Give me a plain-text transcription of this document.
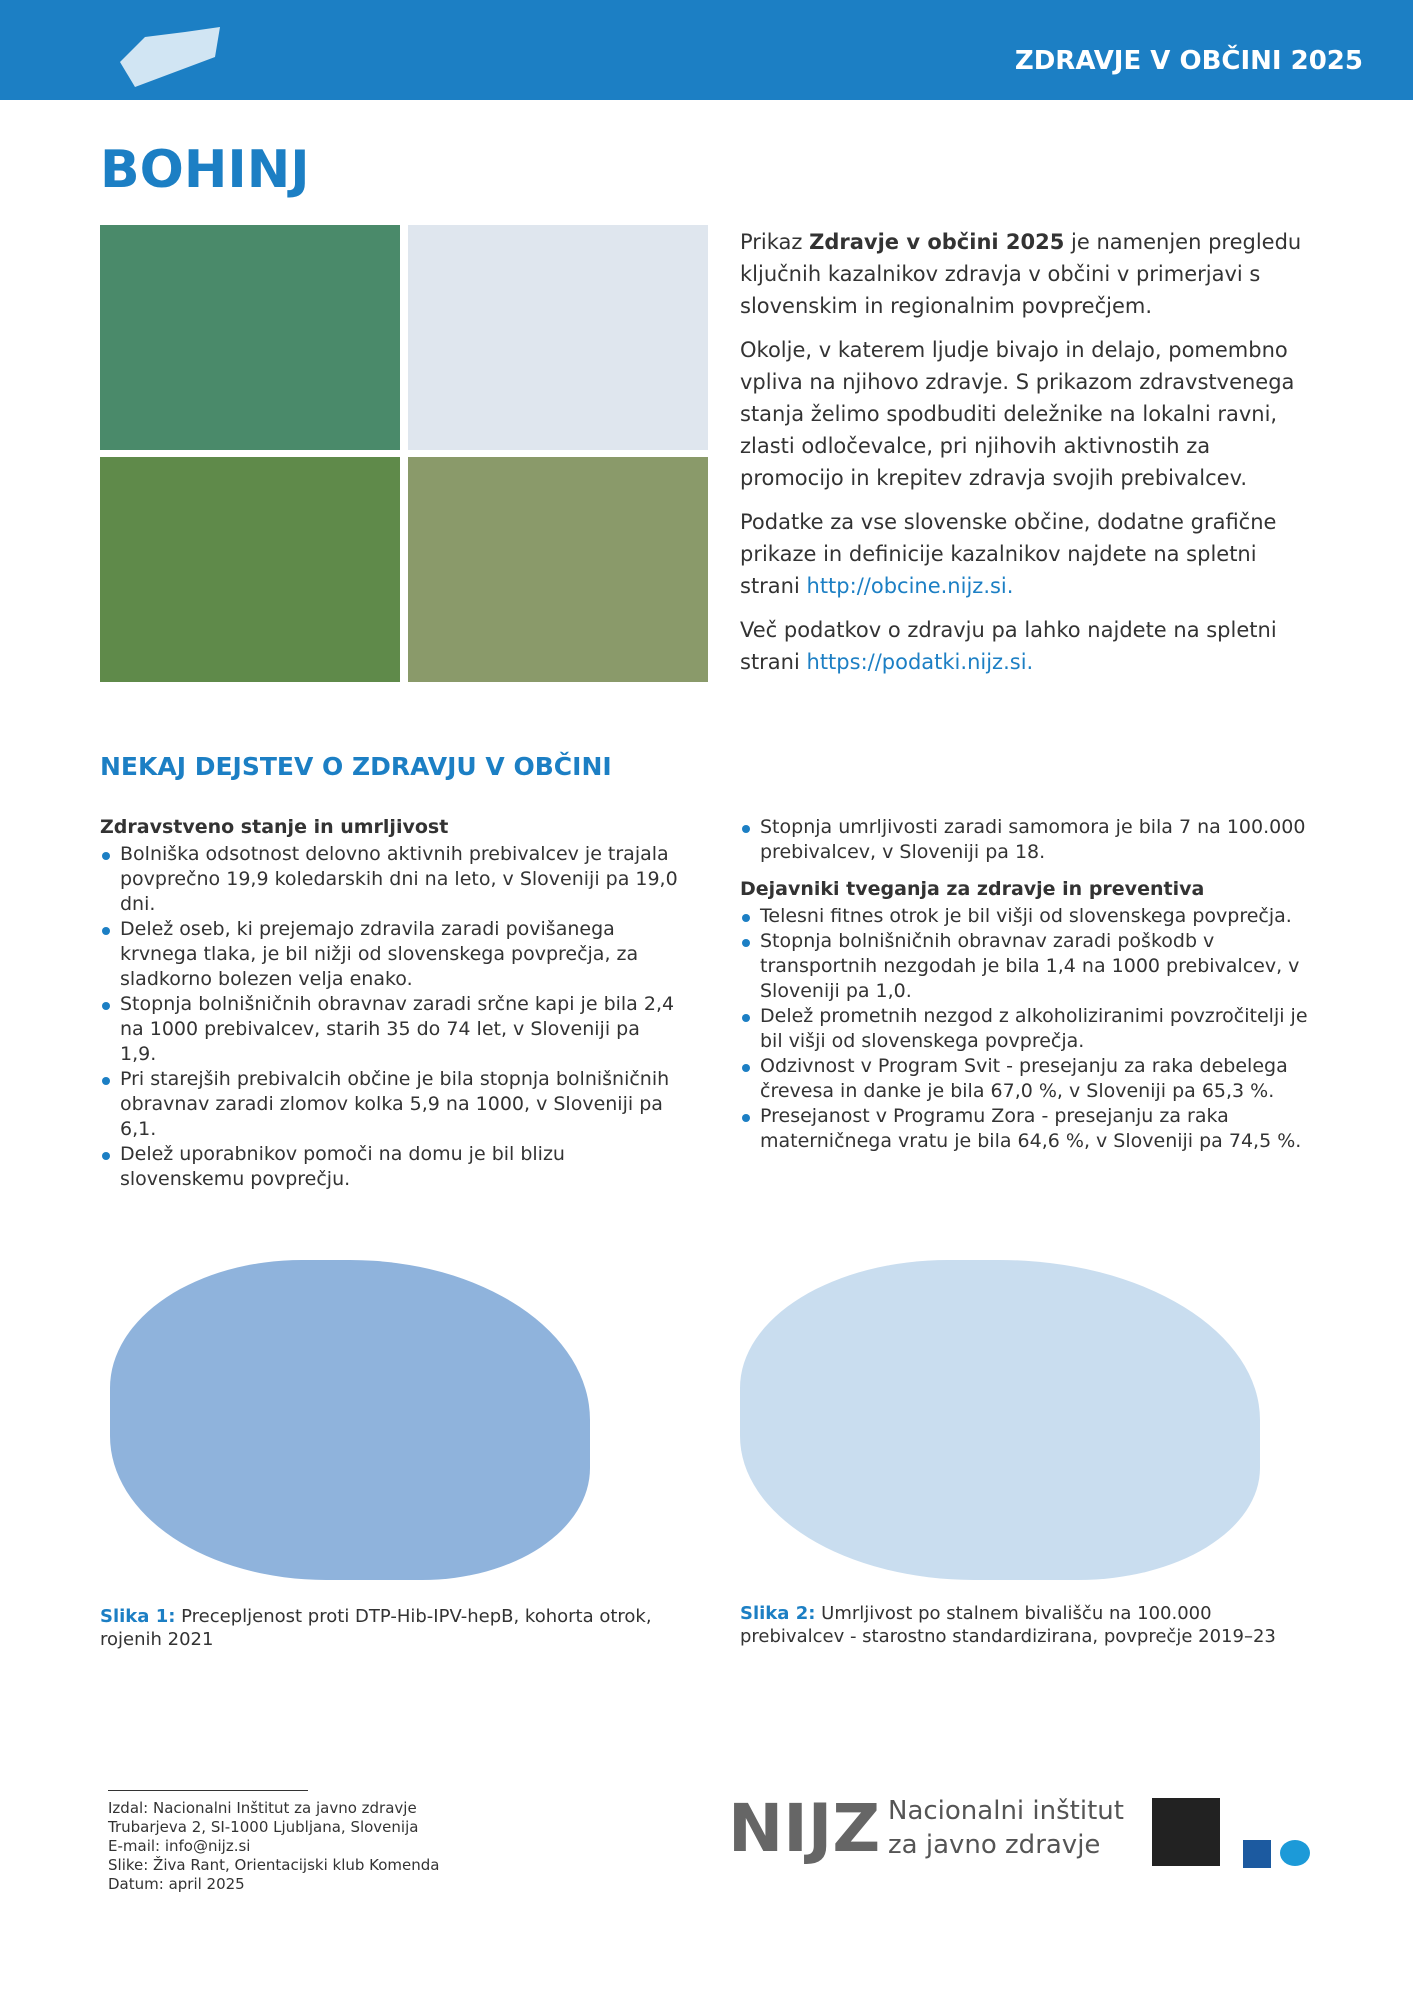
ZDRAVJE V OBČINI 2025
BOHINJ

Prikaz Zdravje v občini 2025 je namenjen pregledu ključnih kazalnikov zdravja v občini v primerjavi s slovenskim in regionalnim povprečjem.

Okolje, v katerem ljudje bivajo in delajo, pomembno vpliva na njihovo zdravje. S prikazom zdravstvenega stanja želimo spodbuditi deležnike na lokalni ravni, zlasti odločevalce, pri njihovih aktivnostih za promocijo in krepitev zdravja svojih prebivalcev.

Podatke za vse slovenske občine, dodatne grafične prikaze in definicije kazalnikov najdete na spletni strani http://obcine.nijz.si.

Več podatkov o zdravju pa lahko najdete na spletni strani https://podatki.nijz.si.

NEKAJ DEJSTEV O ZDRAVJU V OBČINI
Zdravstveno stanje in umrljivost
Bolniška odsotnost delovno aktivnih prebivalcev je trajala povprečno 19,9 koledarskih dni na leto, v Sloveniji pa 19,0 dni.
Delež oseb, ki prejemajo zdravila zaradi povišanega krvnega tlaka, je bil nižji od slovenskega povprečja, za sladkorno bolezen velja enako.
Stopnja bolnišničnih obravnav zaradi srčne kapi je bila 2,4 na 1000 prebivalcev, starih 35 do 74 let, v Sloveniji pa 1,9.
Pri starejših prebivalcih občine je bila stopnja bolnišničnih obravnav zaradi zlomov kolka 5,9 na 1000, v Sloveniji pa 6,1.
Delež uporabnikov pomoči na domu je bil blizu slovenskemu povprečju.
Stopnja umrljivosti zaradi samomora je bila 7 na 100.000 prebivalcev, v Sloveniji pa 18.
Dejavniki tveganja za zdravje in preventiva
Telesni fitnes otrok je bil višji od slovenskega povprečja.
Stopnja bolnišničnih obravnav zaradi poškodb v transportnih nezgodah je bila 1,4 na 1000 prebivalcev, v Sloveniji pa 1,0.
Delež prometnih nezgod z alkoholiziranimi povzročitelji je bil višji od slovenskega povprečja.
Odzivnost v Program Svit - presejanju za raka debelega črevesa in danke je bila 67,0 %, v Sloveniji pa 65,3 %.
Presejanost v Programu Zora - presejanju za raka materničnega vratu je bila 64,6 %, v Sloveniji pa 74,5 %.
Slika 1: Precepljenost proti DTP-Hib-IPV-hepB, kohorta otrok, rojenih 2021
Slika 2: Umrljivost po stalnem bivališču na 100.000 prebivalcev - starostno standardizirana, povprečje 2019–23
Izdal: Nacionalni Inštitut za javno zdravje
Trubarjeva 2, SI-1000 Ljubljana, Slovenija
E-mail: info@nijz.si
Slike: Živa Rant, Orientacijski klub Komenda
Datum: april 2025
NIJZ Nacionalni inštitut
za javno zdravje
